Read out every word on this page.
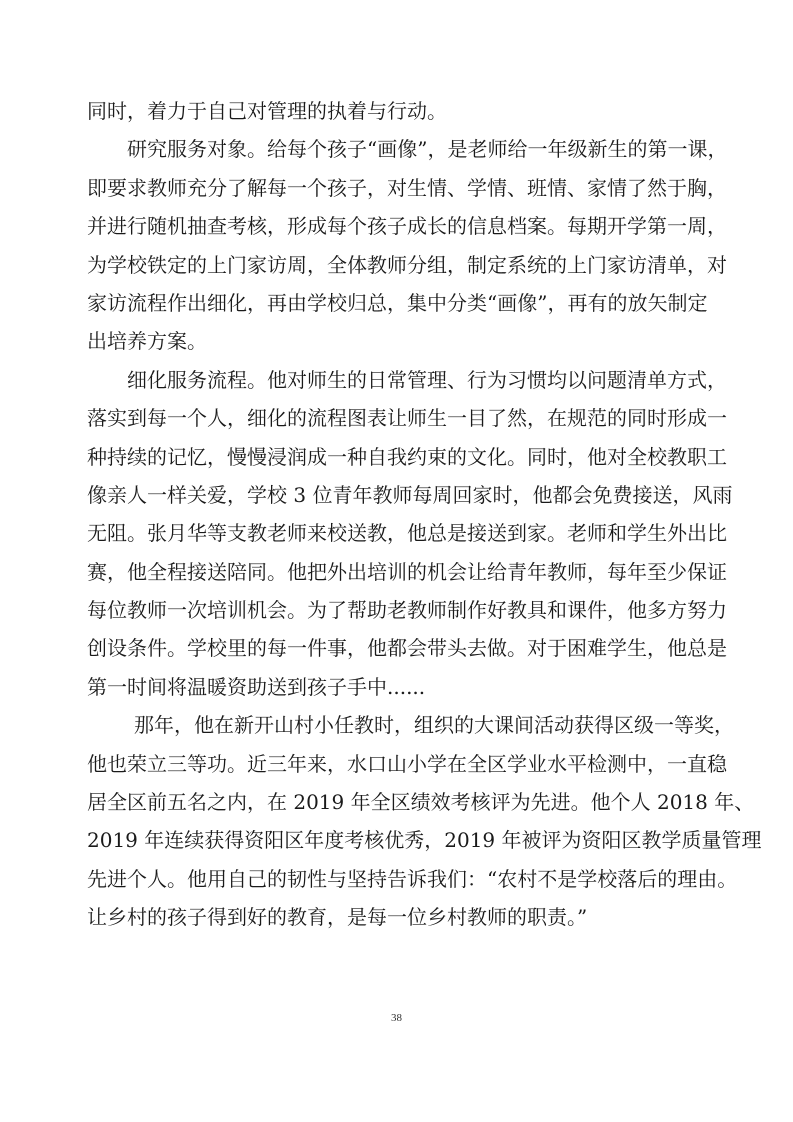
同时，着力于自己对管理的执着与行动。
研究服务对象。给每个孩子“画像”，是老师给一年级新生的第一课，
即要求教师充分了解每一个孩子，对生情、学情、班情、家情了然于胸，
并进行随机抽查考核，形成每个孩子成长的信息档案。每期开学第一周，
为学校铁定的上门家访周，全体教师分组，制定系统的上门家访清单，对
家访流程作出细化，再由学校归总，集中分类“画像”，再有的放矢制定
出培养方案。
细化服务流程。他对师生的日常管理、行为习惯均以问题清单方式，
落实到每一个人，细化的流程图表让师生一目了然，在规范的同时形成一
种持续的记忆，慢慢浸润成一种自我约束的文化。同时，他对全校教职工
像亲人一样关爱，学校 3 位青年教师每周回家时，他都会免费接送，风雨
无阻。张月华等支教老师来校送教，他总是接送到家。老师和学生外出比
赛，他全程接送陪同。他把外出培训的机会让给青年教师，每年至少保证
每位教师一次培训机会。为了帮助老教师制作好教具和课件，他多方努力
创设条件。学校里的每一件事，他都会带头去做。对于困难学生，他总是
第一时间将温暖资助送到孩子手中......
那年，他在新开山村小任教时，组织的大课间活动获得区级一等奖，
他也荣立三等功。近三年来，水口山小学在全区学业水平检测中，一直稳
居全区前五名之内，在 2019 年全区绩效考核评为先进。他个人 2018 年、
2019 年连续获得资阳区年度考核优秀，2019 年被评为资阳区教学质量管理
先进个人。他用自己的韧性与坚持告诉我们：“农村不是学校落后的理由。
让乡村的孩子得到好的教育，是每一位乡村教师的职责。”
38
